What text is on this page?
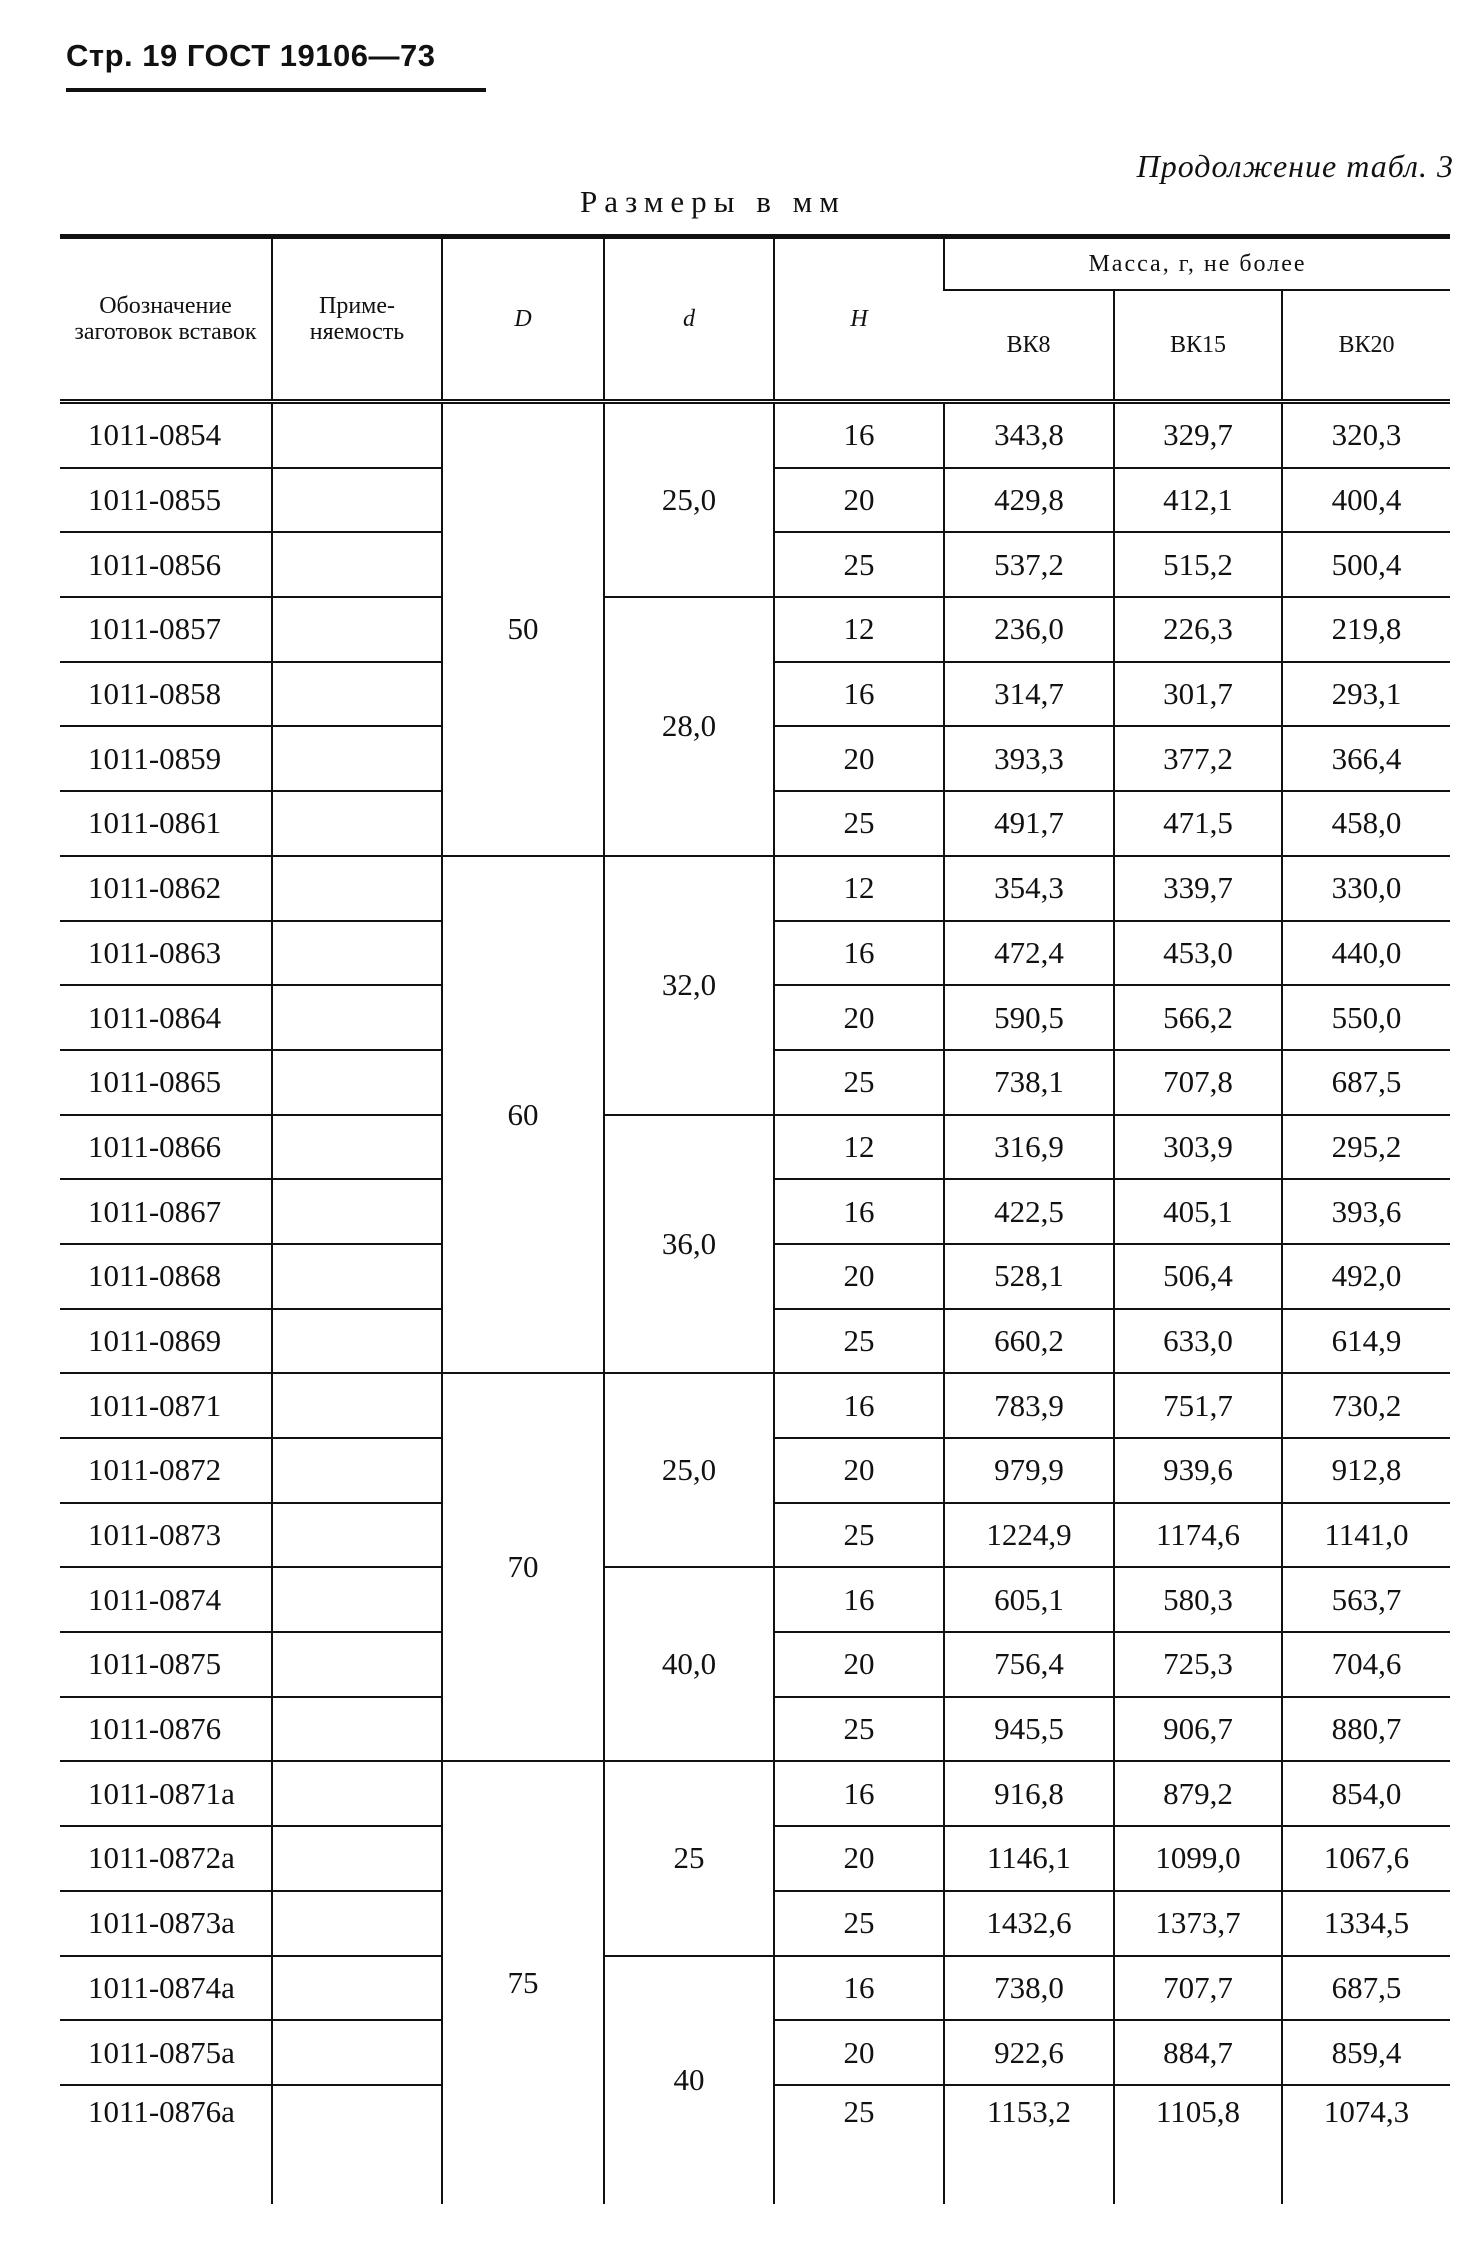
Стр. 19 ГОСТ 19106—73
Продолжение табл. 3
Размеры в мм
Обозначение заготовок вставок	Приме-няемость	D	d	H	Масса, г, не более		
					ВК8	ВК15	ВК20
1011-0854		50	25,0	16	343,8	329,7	320,3
1011-0855				20	429,8	412,1	400,4
1011-0856				25	537,2	515,2	500,4
1011-0857			28,0	12	236,0	226,3	219,8
1011-0858				16	314,7	301,7	293,1
1011-0859				20	393,3	377,2	366,4
1011-0861				25	491,7	471,5	458,0
1011-0862		60	32,0	12	354,3	339,7	330,0
1011-0863				16	472,4	453,0	440,0
1011-0864				20	590,5	566,2	550,0
1011-0865				25	738,1	707,8	687,5
1011-0866			36,0	12	316,9	303,9	295,2
1011-0867				16	422,5	405,1	393,6
1011-0868				20	528,1	506,4	492,0
1011-0869				25	660,2	633,0	614,9
1011-0871		70	25,0	16	783,9	751,7	730,2
1011-0872				20	979,9	939,6	912,8
1011-0873				25	1224,9	1174,6	1141,0
1011-0874			40,0	16	605,1	580,3	563,7
1011-0875				20	756,4	725,3	704,6
1011-0876				25	945,5	906,7	880,7
1011-0871а		75	25	16	916,8	879,2	854,0
1011-0872а				20	1146,1	1099,0	1067,6
1011-0873а				25	1432,6	1373,7	1334,5
1011-0874а			40	16	738,0	707,7	687,5
1011-0875а				20	922,6	884,7	859,4
1011-0876а				25	1153,2	1105,8	1074,3
